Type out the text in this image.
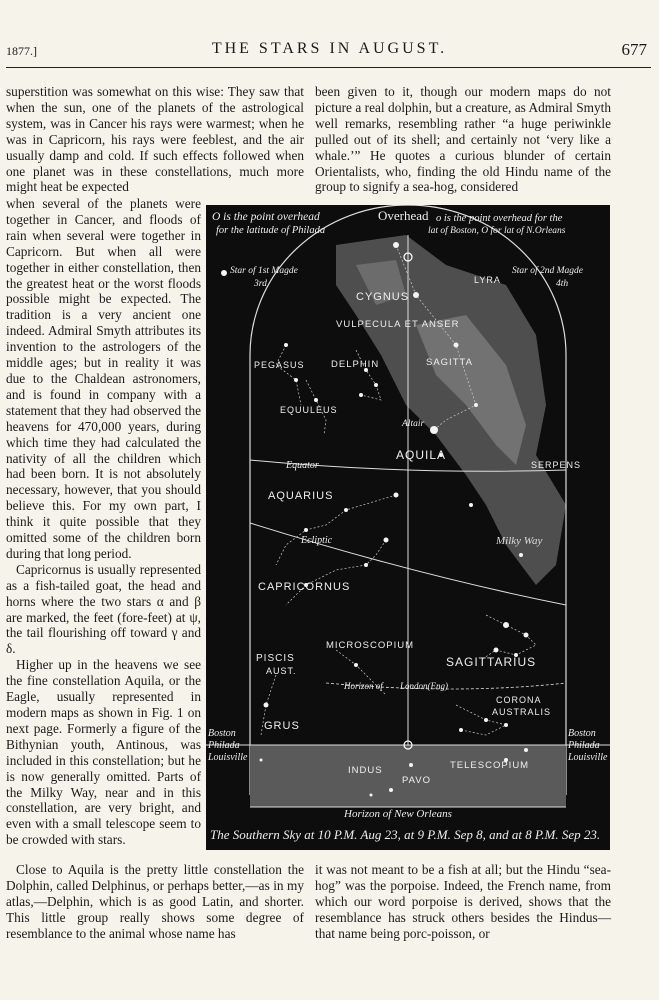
1877.]	THE STARS IN AUGUST.	677

superstition was somewhat on this wise: They saw that when the sun, one of the planets of the astrological system, was in Cancer his rays were warmest; when he was in Capricorn, his rays were feeblest, and the air usually damp and cold. If such effects followed when one planet was in these constellations, much more might heat be expected

been given to it, though our modern maps do not picture a real dolphin, but a creature, as Admiral Smyth well remarks, resembling rather “a huge periwinkle pulled out of its shell; and certainly not ‘very like a whale.’” He quotes a curious blunder of certain Orientalists, who, finding the old Hindu name of the group to signify a sea-hog, considered

when several of the planets were together in Cancer, and floods of rain when several were together in Capricorn. But when all were together in either constellation, then the greatest heat or the worst floods possible might be expected. The tradition is a very ancient one indeed. Admiral Smyth attributes its invention to the astrologers of the middle ages; but in reality it was due to the Chaldean astronomers, and is found in company with a statement that they had observed the heavens for 470,000 years, during which time they had calculated the nativity of all the children which had been born. It is not absolutely necessary, however, that you should believe this. For my own part, I think it quite possible that they omitted some of the children born during that long period.
Capricornus is usually represented as a fish-tailed goat, the head and horns where the two stars α and β are marked, the feet (fore-feet) at ψ, the tail flourishing off toward γ and δ.
Higher up in the heavens we see the fine constellation Aquila, or the Eagle, usually represented in modern maps as shown in Fig. 1 on next page. Formerly a figure of the Bithynian youth, Antinous, was included in this constellation; but he is now generally omitted. Parts of the Milky Way, near and in this constellation, are very bright, and even with a small telescope seem to be crowded with stars.
Overhead
O is the point overhead
for the latitude of Philada
o is the point overhead for the
lat of Boston, O for lat of N.Orleans
Star of 1st Magde
3rd
Star of 2nd Magde
4th
CYGNUS
VULPECULA ET ANSER
LYRA
DELPHIN	SAGITTA
PEGASUS
EQUULEUS
AQUILA
SERPENS
AQUARIUS
CAPRICORNUS
SAGITTARIUS
MICROSCOPIUM
PISCIS
AUST.
CORONA
AUSTRALIS
GRUS
INDUS
PAVO
TELESCOPIUM
Milky Way
Equator
Ecliptic
Horizon of London(Eng)
Altair
Horizon of New Orleans
Boston
Philada
Louisville
Boston
Philada
Louisville
The Southern Sky at 10 P.M. Aug 23, at 9 P.M. Sep 8, and at 8 P.M. Sep 23.

Close to Aquila is the pretty little constellation the Dolphin, called Delphinus, or perhaps better,—as in my atlas,—Delphin, which is as good Latin, and shorter. This little group really shows some degree of resemblance to the animal whose name has

it was not meant to be a fish at all; but the Hindu “sea-hog” was the porpoise. Indeed, the French name, from which our word porpoise is derived, shows that the resemblance has struck others besides the Hindus—that name being porc-poisson, or
